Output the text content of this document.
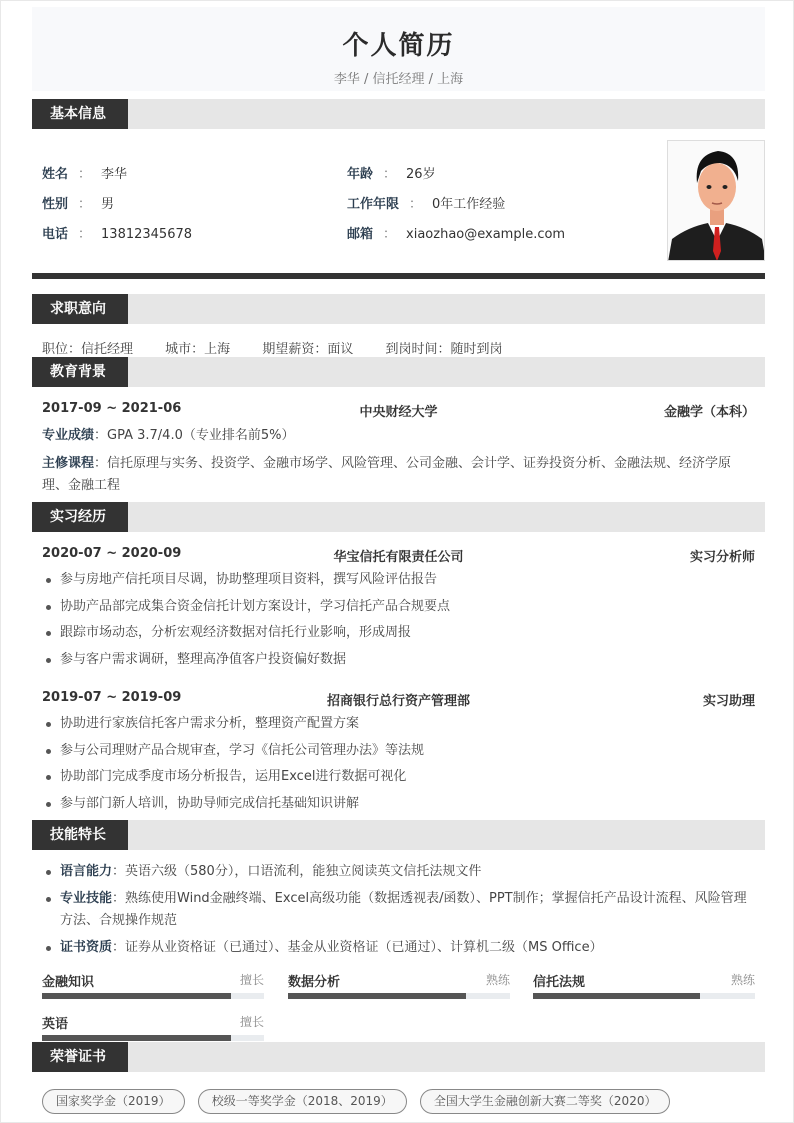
个人简历
李华 / 信托经理 / 上海
基本信息
姓名 ： 李华
性别 ： 男
电话 ： 13812345678
年龄 ： 26岁
工作年限 ： 0年工作经验
邮箱 ： xiaozhao@example.com
求职意向
职位：信托经理 城市：上海 期望薪资：面议 到岗时间：随时到岗
教育背景
2017-09 ~ 2021-06	中央财经大学	金融学（本科）
专业成绩：GPA 3.7/4.0（专业排名前5%）
主修课程：信托原理与实务、投资学、金融市场学、风险管理、公司金融、会计学、证券投资分析、金融法规、经济学原理、金融工程
实习经历
2020-07 ~ 2020-09	华宝信托有限责任公司	实习分析师
参与房地产信托项目尽调，协助整理项目资料，撰写风险评估报告
协助产品部完成集合资金信托计划方案设计，学习信托产品合规要点
跟踪市场动态，分析宏观经济数据对信托行业影响，形成周报
参与客户需求调研，整理高净值客户投资偏好数据
2019-07 ~ 2019-09	招商银行总行资产管理部	实习助理
协助进行家族信托客户需求分析，整理资产配置方案
参与公司理财产品合规审查，学习《信托公司管理办法》等法规
协助部门完成季度市场分析报告，运用Excel进行数据可视化
参与部门新人培训，协助导师完成信托基础知识讲解
技能特长
语言能力：英语六级（580分），口语流利，能独立阅读英文信托法规文件
专业技能：熟练使用Wind金融终端、Excel高级功能（数据透视表/函数）、PPT制作；掌握信托产品设计流程、风险管理方法、合规操作规范
证书资质：证券从业资格证（已通过）、基金从业资格证（已通过）、计算机二级（MS Office）
金融知识	擅长 数据分析	熟练 信托法规	熟练
英语	擅长
荣誉证书
国家奖学金（2019）	校级一等奖学金（2018、2019）	全国大学生金融创新大赛二等奖（2020）
